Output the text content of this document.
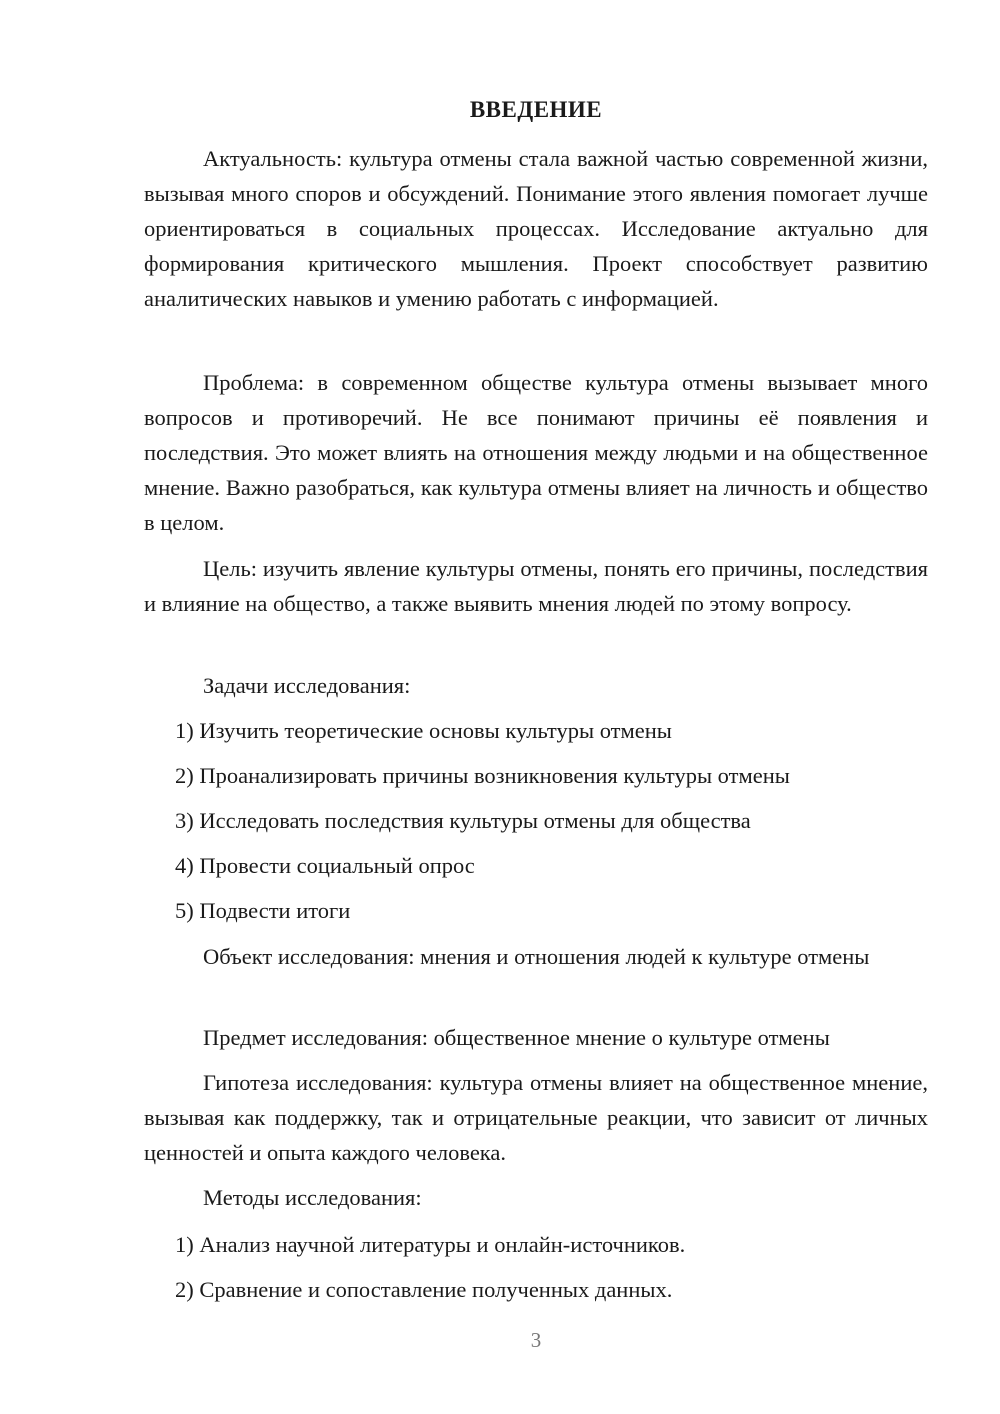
ВВЕДЕНИЕ

Актуальность: культура отмены стала важной частью современной жизни, вызывая много споров и обсуждений. Понимание этого явления помогает лучше ориентироваться в социальных процессах. Исследование актуально для формирования критического мышления. Проект способствует развитию аналитических навыков и умению работать с информацией.

Проблема: в современном обществе культура отмены вызывает много вопросов и противоречий. Не все понимают причины её появления и последствия. Это может влиять на отношения между людьми и на общественное мнение. Важно разобраться, как культура отмены влияет на личность и общество в целом.

Цель: изучить явление культуры отмены, понять его причины, последствия и влияние на общество, а также выявить мнения людей по этому вопросу.

Задачи исследования:

1) Изучить теоретические основы культуры отмены

2) Проанализировать причины возникновения культуры отмены

3) Исследовать последствия культуры отмены для общества

4) Провести социальный опрос

5) Подвести итоги

Объект исследования: мнения и отношения людей к культуре отмены

Предмет исследования: общественное мнение о культуре отмены

Гипотеза исследования: культура отмены влияет на общественное мнение, вызывая как поддержку, так и отрицательные реакции, что зависит от личных ценностей и опыта каждого человека.

Методы исследования:

1) Анализ научной литературы и онлайн-источников.

2) Сравнение и сопоставление полученных данных.

3
